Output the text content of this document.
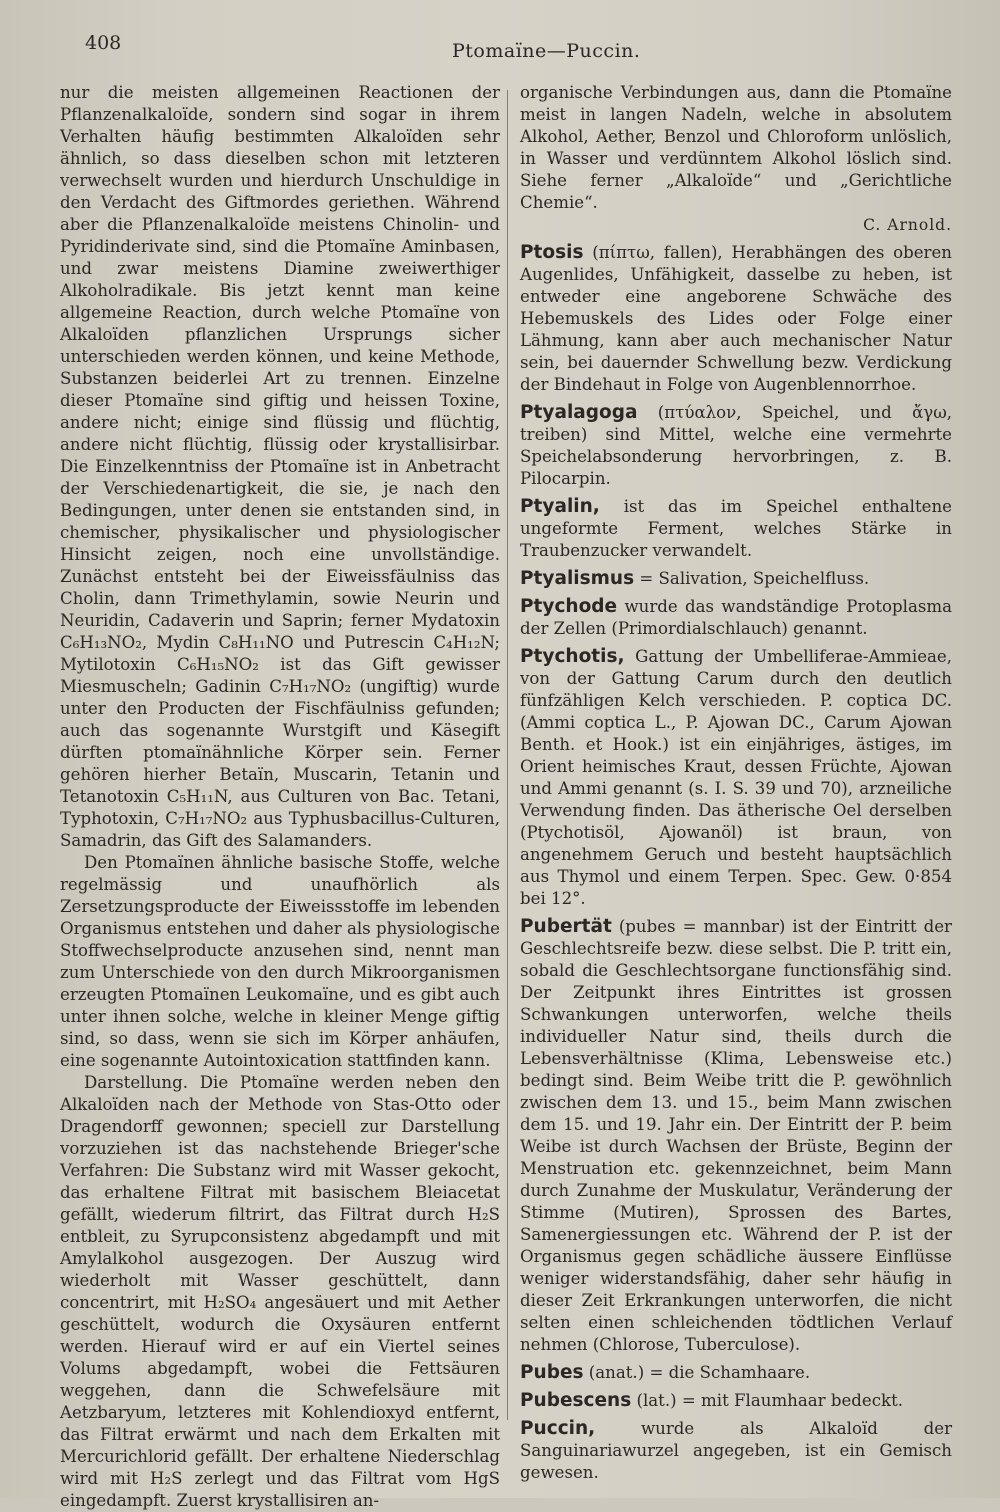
408	Ptomaïne—Puccin.

nur die meisten allgemeinen Reactionen der Pflanzenalkaloïde, sondern sind sogar in ihrem Verhalten häufig bestimmten Alkaloïden sehr ähnlich, so dass dieselben schon mit letzteren verwechselt wurden und hierdurch Unschuldige in den Verdacht des Giftmordes geriethen. Während aber die Pflanzenalkaloïde meistens Chinolin- und Pyridinderivate sind, sind die Ptomaïne Aminbasen, und zwar meistens Diamine zweiwerthiger Alkoholradikale. Bis jetzt kennt man keine allgemeine Reaction, durch welche Ptomaïne von Alkaloïden pflanzlichen Ursprungs sicher unterschieden werden können, und keine Methode, Substanzen beiderlei Art zu trennen. Einzelne dieser Ptomaïne sind giftig und heissen Toxine, andere nicht; einige sind flüssig und flüchtig, andere nicht flüchtig, flüssig oder krystallisirbar. Die Einzelkenntniss der Ptomaïne ist in Anbetracht der Verschiedenartigkeit, die sie, je nach den Bedingungen, unter denen sie entstanden sind, in chemischer, physikalischer und physiologischer Hinsicht zeigen, noch eine unvollständige. Zunächst entsteht bei der Eiweissfäulniss das Cholin, dann Trimethylamin, sowie Neurin und Neuridin, Cadaverin und Saprin; ferner Mydatoxin C₆H₁₃NO₂, Mydin C₈H₁₁NO und Putrescin C₄H₁₂N; Mytilotoxin C₆H₁₅NO₂ ist das Gift gewisser Miesmuscheln; Gadinin C₇H₁₇NO₂ (ungiftig) wurde unter den Producten der Fischfäulniss gefunden; auch das sogenannte Wurstgift und Käsegift dürften ptomaïnähnliche Körper sein. Ferner gehören hierher Betaïn, Muscarin, Tetanin und Tetanotoxin C₅H₁₁N, aus Culturen von Bac. Tetani, Typhotoxin, C₇H₁₇NO₂ aus Typhusbacillus-Culturen, Samadrin, das Gift des Salamanders.

Den Ptomaïnen ähnliche basische Stoffe, welche regelmässig und unaufhörlich als Zersetzungsproducte der Eiweissstoffe im lebenden Organismus entstehen und daher als physiologische Stoffwechselproducte anzusehen sind, nennt man zum Unterschiede von den durch Mikroorganismen erzeugten Ptomaïnen Leukomaïne, und es gibt auch unter ihnen solche, welche in kleiner Menge giftig sind, so dass, wenn sie sich im Körper anhäufen, eine sogenannte Autointoxication stattfinden kann.

Darstellung. Die Ptomaïne werden neben den Alkaloïden nach der Methode von Stas-Otto oder Dragendorff gewonnen; speciell zur Darstellung vorzuziehen ist das nachstehende Brieger'sche Verfahren: Die Substanz wird mit Wasser gekocht, das erhaltene Filtrat mit basischem Bleiacetat gefällt, wiederum filtrirt, das Filtrat durch H₂S entbleit, zu Syrupconsistenz abgedampft und mit Amylalkohol ausgezogen. Der Auszug wird wiederholt mit Wasser geschüttelt, dann concentrirt, mit H₂SO₄ angesäuert und mit Aether geschüttelt, wodurch die Oxysäuren entfernt werden. Hierauf wird er auf ein Viertel seines Volums abgedampft, wobei die Fettsäuren weggehen, dann die Schwefelsäure mit Aetzbaryum, letzteres mit Kohlendioxyd entfernt, das Filtrat erwärmt und nach dem Erkalten mit Mercurichlorid gefällt. Der erhaltene Niederschlag wird mit H₂S zerlegt und das Filtrat vom HgS eingedampft. Zuerst krystallisiren an-

organische Verbindungen aus, dann die Ptomaïne meist in langen Nadeln, welche in absolutem Alkohol, Aether, Benzol und Chloroform unlöslich, in Wasser und verdünntem Alkohol löslich sind. Siehe ferner „Alkaloïde“ und „Gerichtliche Chemie“.

C. Arnold.

Ptosis (πίπτω, fallen), Herabhängen des oberen Augenlides, Unfähigkeit, dasselbe zu heben, ist entweder eine angeborene Schwäche des Hebemuskels des Lides oder Folge einer Lähmung, kann aber auch mechanischer Natur sein, bei dauernder Schwellung bezw. Verdickung der Bindehaut in Folge von Augenblennorrhoe.

Ptyalagoga (πτύαλον, Speichel, und ἄγω, treiben) sind Mittel, welche eine vermehrte Speichelabsonderung hervorbringen, z. B. Pilocarpin.

Ptyalin, ist das im Speichel enthaltene ungeformte Ferment, welches Stärke in Traubenzucker verwandelt.

Ptyalismus = Salivation, Speichelfluss.

Ptychode wurde das wandständige Protoplasma der Zellen (Primordialschlauch) genannt.

Ptychotis, Gattung der Umbelliferae-Ammieae, von der Gattung Carum durch den deutlich fünfzähligen Kelch verschieden. P. coptica DC. (Ammi coptica L., P. Ajowan DC., Carum Ajowan Benth. et Hook.) ist ein einjähriges, ästiges, im Orient heimisches Kraut, dessen Früchte, Ajowan und Ammi genannt (s. I. S. 39 und 70), arzneiliche Verwendung finden. Das ätherische Oel derselben (Ptychotisöl, Ajowanöl) ist braun, von angenehmem Geruch und besteht hauptsächlich aus Thymol und einem Terpen. Spec. Gew. 0·854 bei 12°.

Pubertät (pubes = mannbar) ist der Eintritt der Geschlechtsreife bezw. diese selbst. Die P. tritt ein, sobald die Geschlechtsorgane functionsfähig sind. Der Zeitpunkt ihres Eintrittes ist grossen Schwankungen unterworfen, welche theils individueller Natur sind, theils durch die Lebensverhältnisse (Klima, Lebensweise etc.) bedingt sind. Beim Weibe tritt die P. gewöhnlich zwischen dem 13. und 15., beim Mann zwischen dem 15. und 19. Jahr ein. Der Eintritt der P. beim Weibe ist durch Wachsen der Brüste, Beginn der Menstruation etc. gekennzeichnet, beim Mann durch Zunahme der Muskulatur, Veränderung der Stimme (Mutiren), Sprossen des Bartes, Samenergiessungen etc. Während der P. ist der Organismus gegen schädliche äussere Einflüsse weniger widerstandsfähig, daher sehr häufig in dieser Zeit Erkrankungen unterworfen, die nicht selten einen schleichenden tödtlichen Verlauf nehmen (Chlorose, Tuberculose).

Pubes (anat.) = die Schamhaare.

Pubescens (lat.) = mit Flaumhaar bedeckt.

Puccin, wurde als Alkaloïd der Sanguinariawurzel angegeben, ist ein Gemisch gewesen.
